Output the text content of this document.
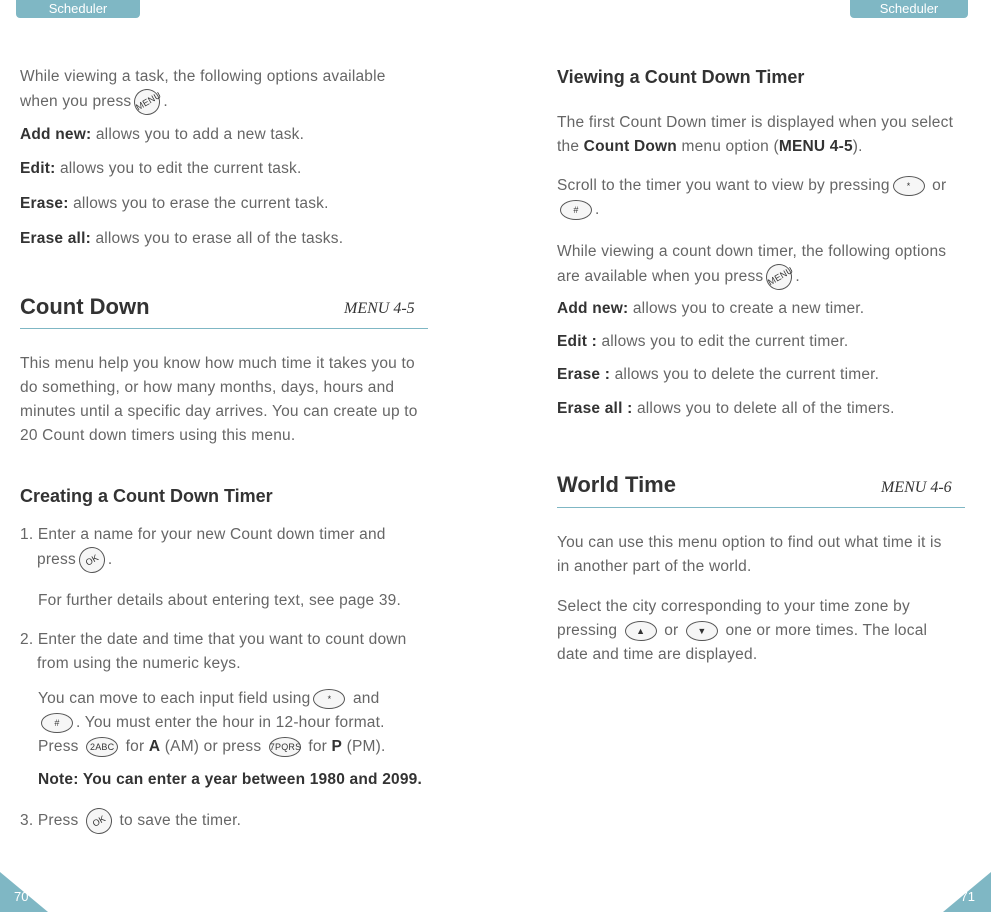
Scheduler	Scheduler
While viewing a task, the following options available
when you press MENU.
Add new: allows you to add a new task.
Edit: allows you to edit the current task.
Erase: allows you to erase the current task.
Erase all: allows you to erase all of the tasks.
Count Down	MENU 4-5
This menu help you know how much time it takes you to
do something, or how many months, days, hours and
minutes until a specific day arrives. You can create up to
20 Count down timers using this menu.
Creating a Count Down Timer
1. Enter a name for your new Count down timer and
press OK .
For further details about entering text, see page 39.
2. Enter the date and time that you want to count down
from using the numeric keys.
You can move to each input field using * and
# . You must enter the hour in 12-hour format.
Press 2ABC for A (AM) or press 7PQRS for P (PM).
Note: You can enter a year between 1980 and 2099.
3. Press OK to save the timer.
70
Viewing a Count Down Timer
The first Count Down timer is displayed when you select
the Count Down menu option (MENU 4-5).
Scroll to the timer you want to view by pressing * or
# .
While viewing a count down timer, the following options
are available when you press MENU.
Add new: allows you to create a new timer.
Edit : allows you to edit the current timer.
Erase : allows you to delete the current timer.
Erase all : allows you to delete all of the timers.
World Time	MENU 4-6
You can use this menu option to find out what time it is
in another part of the world.
Select the city corresponding to your time zone by
pressing ▲ or ▼ one or more times. The local
date and time are displayed.
71
